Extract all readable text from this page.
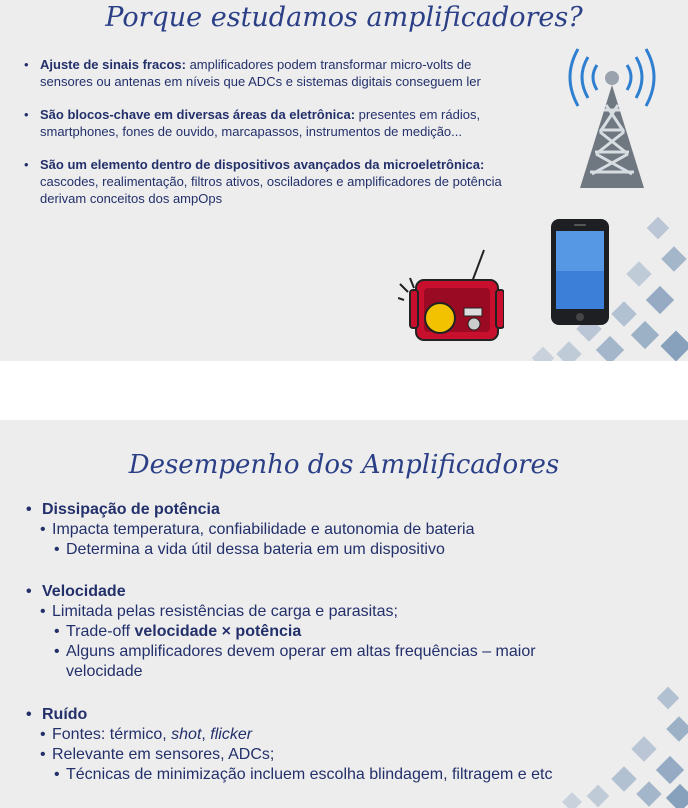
Porque estudamos amplificadores?
• Ajuste de sinais fracos: amplificadores podem transformar micro-volts de sensores ou antenas em níveis que ADCs e sistemas digitais conseguem ler
• São blocos-chave em diversas áreas da eletrônica: presentes em rádios, smartphones, fones de ouvido, marcapassos, instrumentos de medição...
• São um elemento dentro de dispositivos avançados da microeletrônica: cascodes, realimentação, filtros ativos, osciladores e amplificadores de potência derivam conceitos dos ampOps
Desempenho dos Amplificadores
• Dissipação de potência
• Impacta temperatura, confiabilidade e autonomia de bateria
• Determina a vida útil dessa bateria em um dispositivo
• Velocidade
• Limitada pelas resistências de carga e parasitas;
• Trade-off velocidade × potência
• Alguns amplificadores devem operar em altas frequências – maior velocidade
• Ruído
• Fontes: térmico, shot, flicker
• Relevante em sensores, ADCs;
• Técnicas de minimização incluem escolha blindagem, filtragem e etc
